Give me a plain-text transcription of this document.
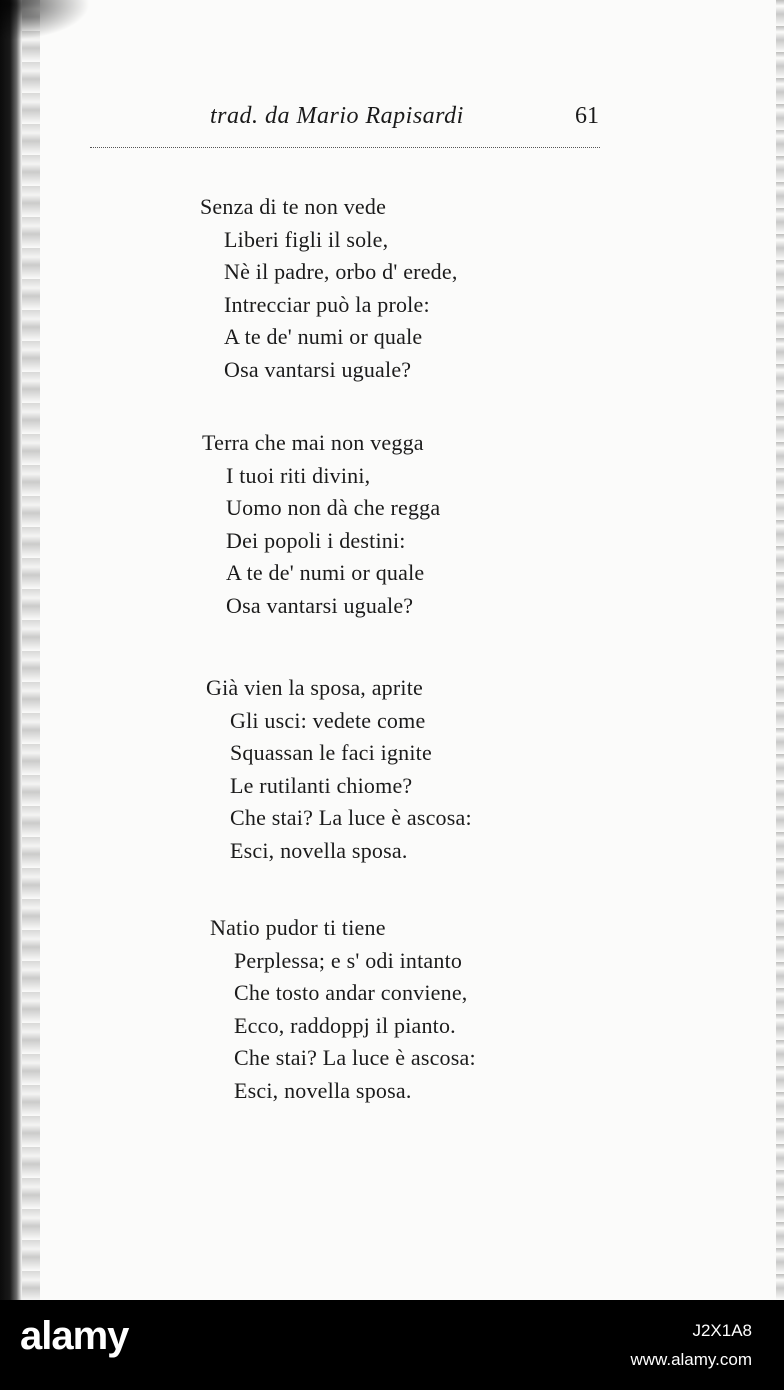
trad. da Mario Rapisardi	61
Senza di te non vede
Liberi figli il sole,
Nè il padre, orbo d' erede,
Intrecciar può la prole:
A te de' numi or quale
Osa vantarsi uguale?
Terra che mai non vegga
I tuoi riti divini,
Uomo non dà che regga
Dei popoli i destini:
A te de' numi or quale
Osa vantarsi uguale?
Già vien la sposa, aprite
Gli usci: vedete come
Squassan le faci ignite
Le rutilanti chiome?
Che stai? La luce è ascosa:
Esci, novella sposa.
Natio pudor ti tiene
Perplessa; e s' odi intanto
Che tosto andar conviene,
Ecco, raddoppj il pianto.
Che stai? La luce è ascosa:
Esci, novella sposa.
alamy	J2X1A8
www.alamy.com
